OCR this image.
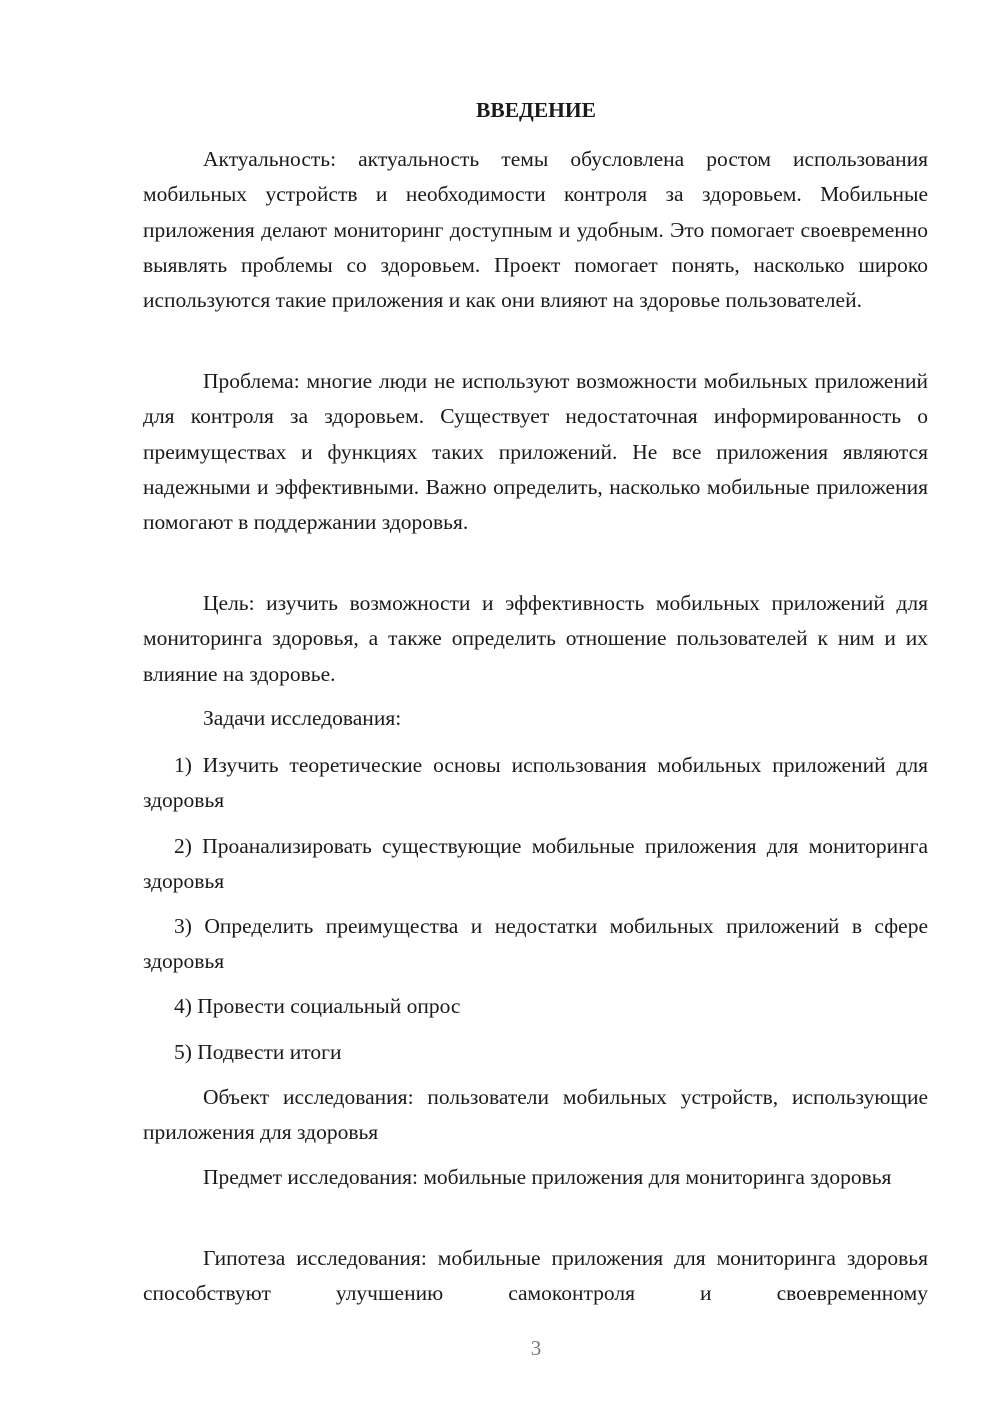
ВВЕДЕНИЕ

Актуальность: актуальность темы обусловлена ростом использования мобильных устройств и необходимости контроля за здоровьем. Мобильные приложения делают мониторинг доступным и удобным. Это помогает своевременно выявлять проблемы со здоровьем. Проект помогает понять, насколько широко используются такие приложения и как они влияют на здоровье пользователей.

Проблема: многие люди не используют возможности мобильных приложений для контроля за здоровьем. Существует недостаточная информированность о преимуществах и функциях таких приложений. Не все приложения являются надежными и эффективными. Важно определить, насколько мобильные приложения помогают в поддержании здоровья.

Цель: изучить возможности и эффективность мобильных приложений для мониторинга здоровья, а также определить отношение пользователей к ним и их влияние на здоровье.

Задачи исследования:

1) Изучить теоретические основы использования мобильных приложений для здоровья

2) Проанализировать существующие мобильные приложения для мониторинга здоровья

3) Определить преимущества и недостатки мобильных приложений в сфере здоровья

4) Провести социальный опрос

5) Подвести итоги

Объект исследования: пользователи мобильных устройств, использующие приложения для здоровья

Предмет исследования: мобильные приложения для мониторинга здоровья

Гипотеза исследования: мобильные приложения для мониторинга здоровья способствуют улучшению самоконтроля и своевременному

3
